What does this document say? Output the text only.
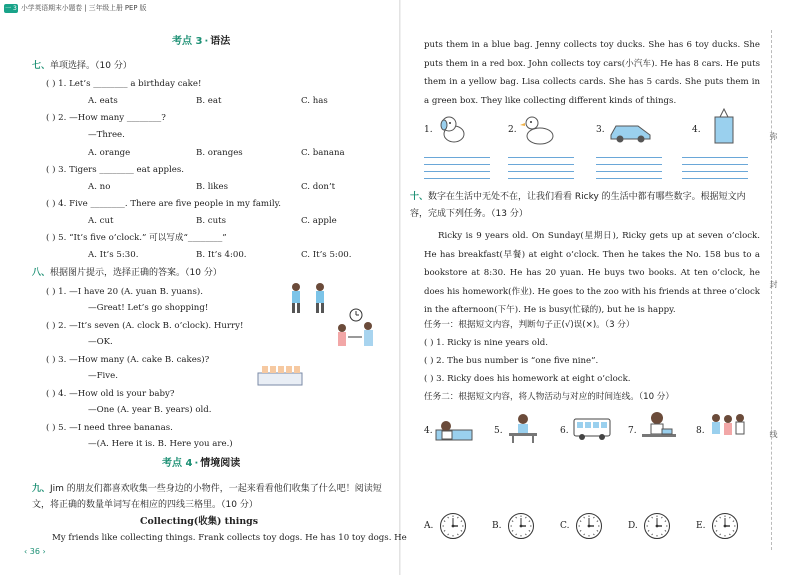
一 3 小学英语期末小题卷 | 三年级上册 PEP 版
考点 3 · 语法
七、单项选择。（10 分）
( ) 1. Let’s ________ a birthday cake!
A. eats	B. eat	C. has
( ) 2. —How many ________?
—Three.
A. orange	B. oranges	C. banana
( ) 3. Tigers ________ eat apples.
A. no	B. likes	C. don’t
( ) 4. Five ________. There are five people in my family.
A. cut	B. cuts	C. apple
( ) 5. “It’s five o’clock.” 可以写成“________”
A. It’s 5:30.	B. It’s 4:00.	C. It’s 5:00.
八、根据图片提示，选择正确的答案。（10 分）
( ) 1. —I have 20 (A. yuan B. yuans).
—Great! Let’s go shopping!
( ) 2. —It’s seven (A. clock B. o’clock). Hurry!
—OK.
( ) 3. —How many (A. cake B. cakes)?
—Five.
( ) 4. —How old is your baby?
—One (A. year B. years) old.
( ) 5. —I need three bananas.
—(A. Here it is. B. Here you are.)
考点 4 · 情境阅读
九、Jim 的朋友们都喜欢收集一些身边的小物件，一起来看看他们收集了什么吧！阅读短文，将正确的数量单词写在相应的四线三格里。（10 分）
Collecting(收集) things
My friends like collecting things. Frank collects toy dogs. He has 10 toy dogs. He
‹ 36 ›
puts them in a blue bag. Jenny collects toy ducks. She has 6 toy ducks. She puts them in a red box. John collects toy cars(小汽车). He has 8 cars. He puts them in a yellow bag. Lisa collects cards. She has 5 cards. She puts them in a green box. They like collecting different kinds of things.
1.	2.	3.	4.
十、数字在生活中无处不在，让我们看看 Ricky 的生活中都有哪些数字。根据短文内容，完成下列任务。（13 分）
Ricky is 9 years old. On Sunday(星期日), Ricky gets up at seven o’clock. He has breakfast(早餐) at eight o’clock. Then he takes the No. 158 bus to a bookstore at 8:30. He has 20 yuan. He buys two books. At ten o’clock, he does his homework(作业). He goes to the zoo with his friends at three o’clock in the afternoon(下午). He is busy(忙碌的), but he is happy.
任务一：根据短文内容，判断句子正(√)误(×)。（3 分）
( ) 1. Ricky is nine years old.
( ) 2. The bus number is “one five nine”.
( ) 3. Ricky does his homework at eight o’clock.
任务二：根据短文内容，将人物活动与对应的时间连线。（10 分）
4.	5.	6.	7.	8.
A.	B.	C.	D.	E.
弥
封
线
